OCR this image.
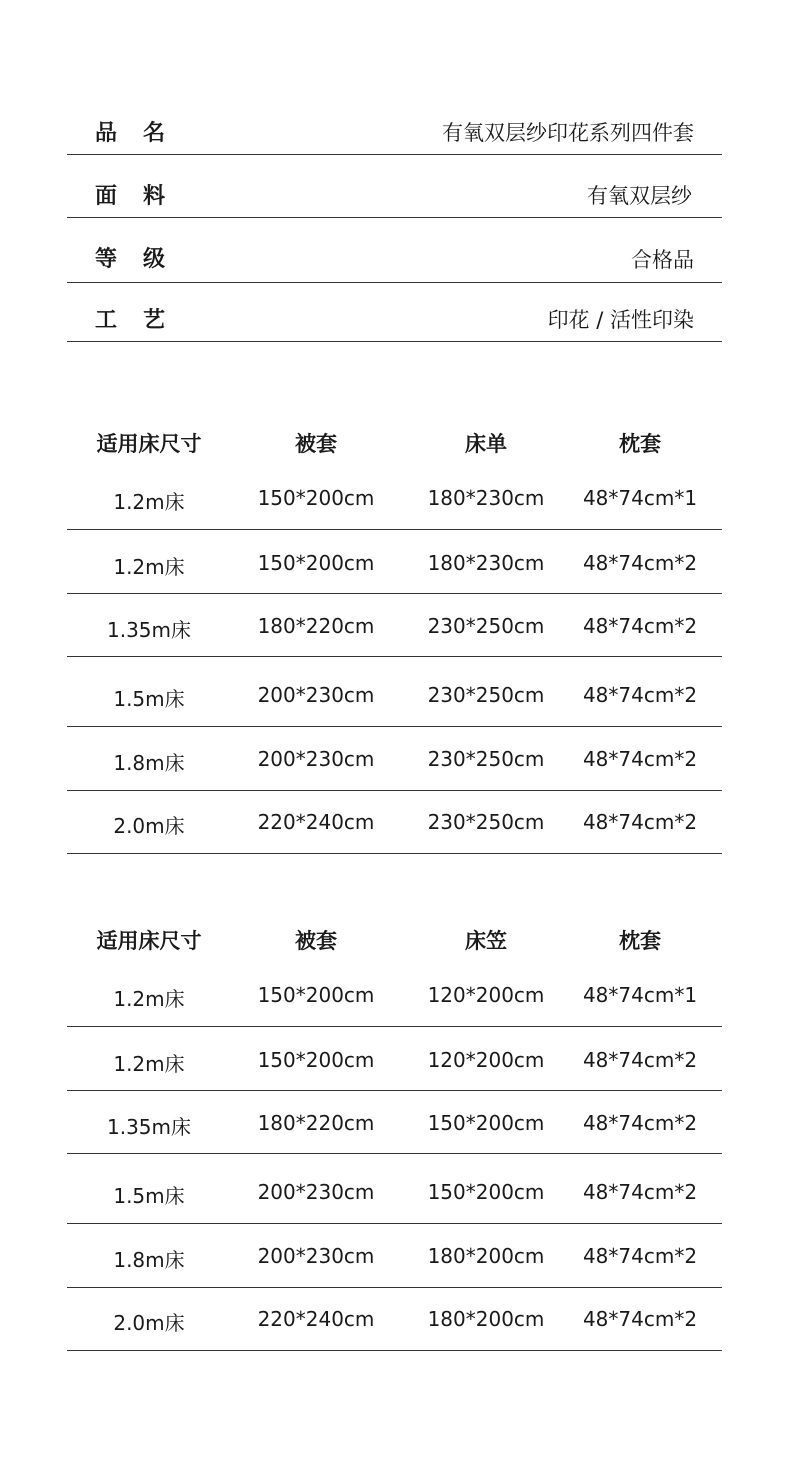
品 名	有氧双层纱印花系列四件套
面 料	有氧双层纱
等 级	合格品
工 艺	印花 / 活性印染
适用床尺寸	被套	床单	枕套
1.2m床	150*200cm	180*230cm	48*74cm*1
1.2m床	150*200cm	180*230cm	48*74cm*2
1.35m床	180*220cm	230*250cm	48*74cm*2
1.5m床	200*230cm	230*250cm	48*74cm*2
1.8m床	200*230cm	230*250cm	48*74cm*2
2.0m床	220*240cm	230*250cm	48*74cm*2
适用床尺寸	被套	床笠	枕套
1.2m床	150*200cm	120*200cm	48*74cm*1
1.2m床	150*200cm	120*200cm	48*74cm*2
1.35m床	180*220cm	150*200cm	48*74cm*2
1.5m床	200*230cm	150*200cm	48*74cm*2
1.8m床	200*230cm	180*200cm	48*74cm*2
2.0m床	220*240cm	180*200cm	48*74cm*2
